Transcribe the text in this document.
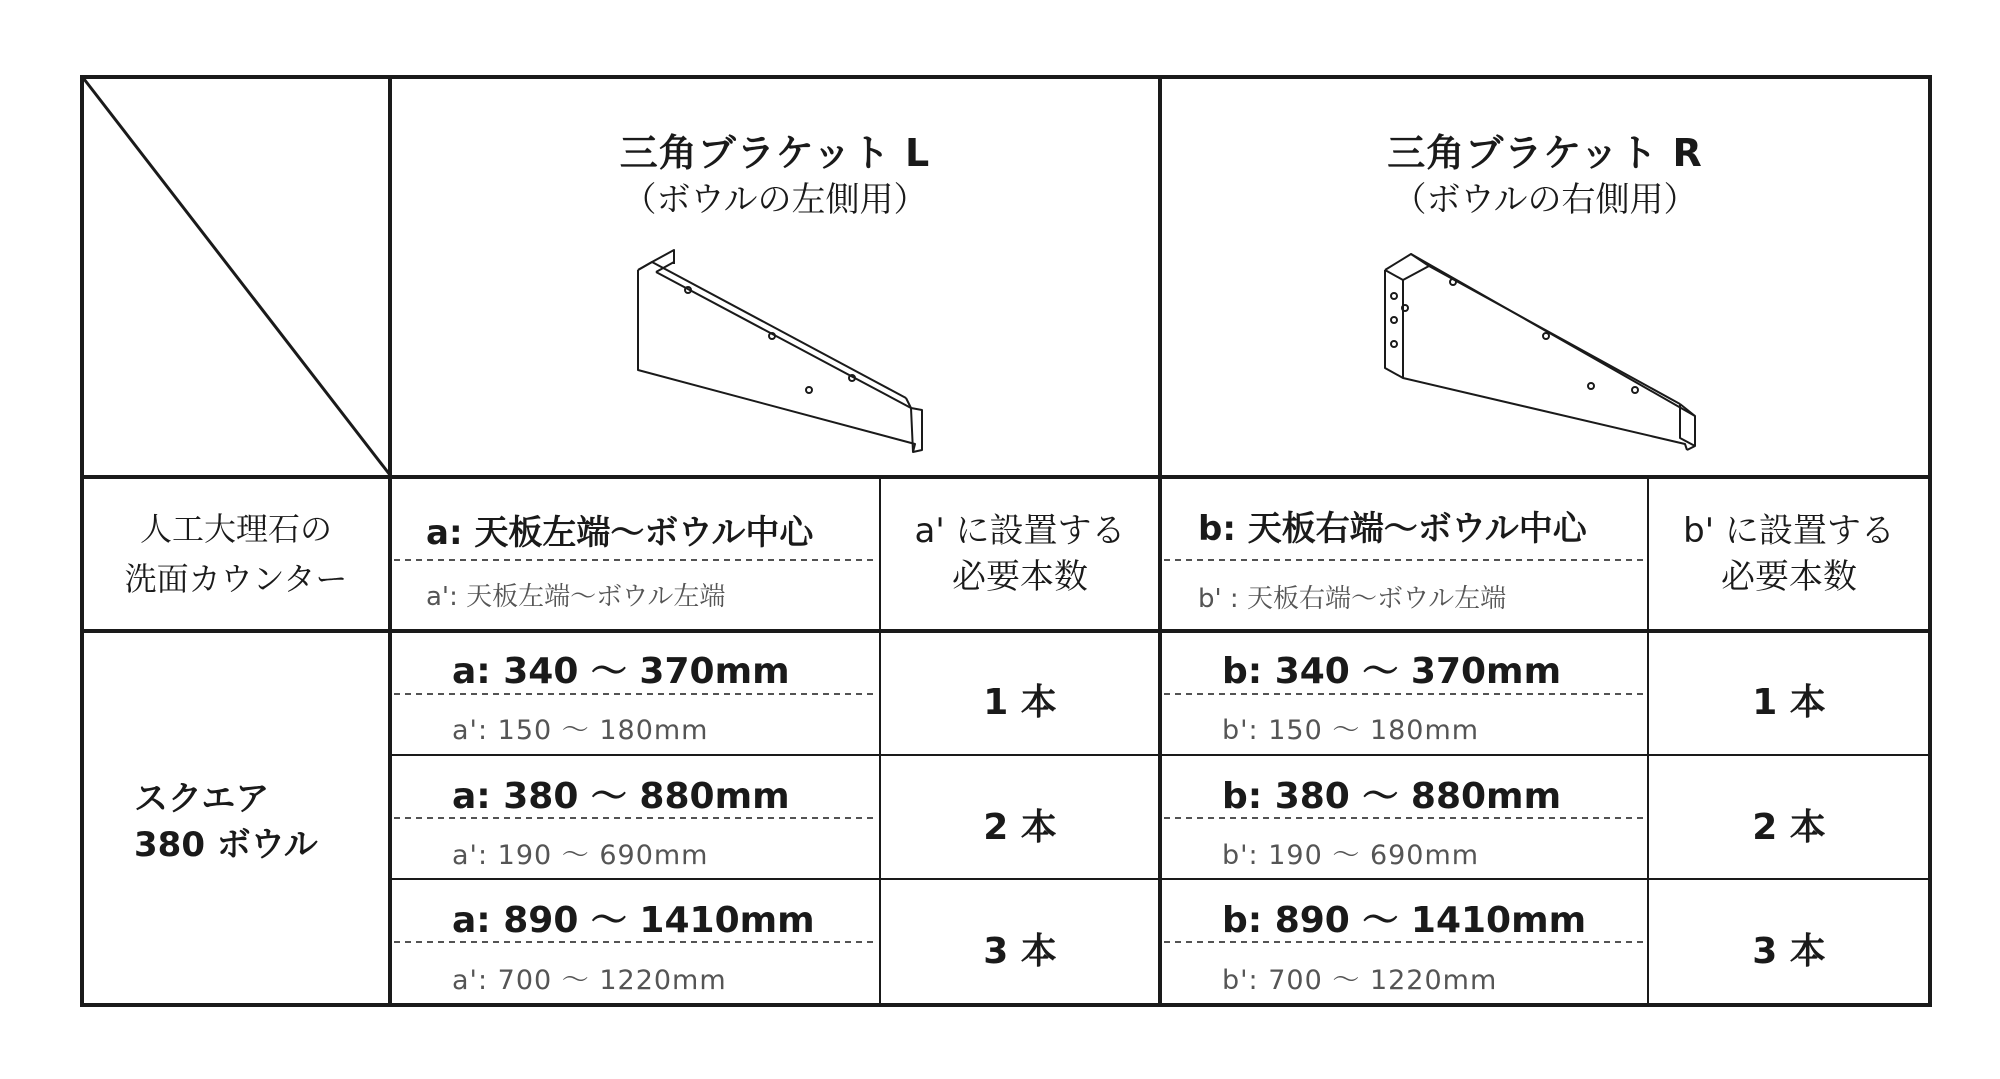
三角ブラケット L
（ボウルの左側用）
三角ブラケット R
（ボウルの右側用）
人工大理石の
洗面カウンター
a: 天板左端〜ボウル中心
a': 天板左端〜ボウル左端
a' に設置する
必要本数
b: 天板右端〜ボウル中心
b' : 天板右端〜ボウル左端
b' に設置する
必要本数
スクエア
380 ボウル
a: 340 〜 370mm
a': 150 〜 180mm
1 本
b: 340 〜 370mm
b': 150 〜 180mm
1 本
a: 380 〜 880mm
a': 190 〜 690mm
2 本
b: 380 〜 880mm
b': 190 〜 690mm
2 本
a: 890 〜 1410mm
a': 700 〜 1220mm
3 本
b: 890 〜 1410mm
b': 700 〜 1220mm
3 本
